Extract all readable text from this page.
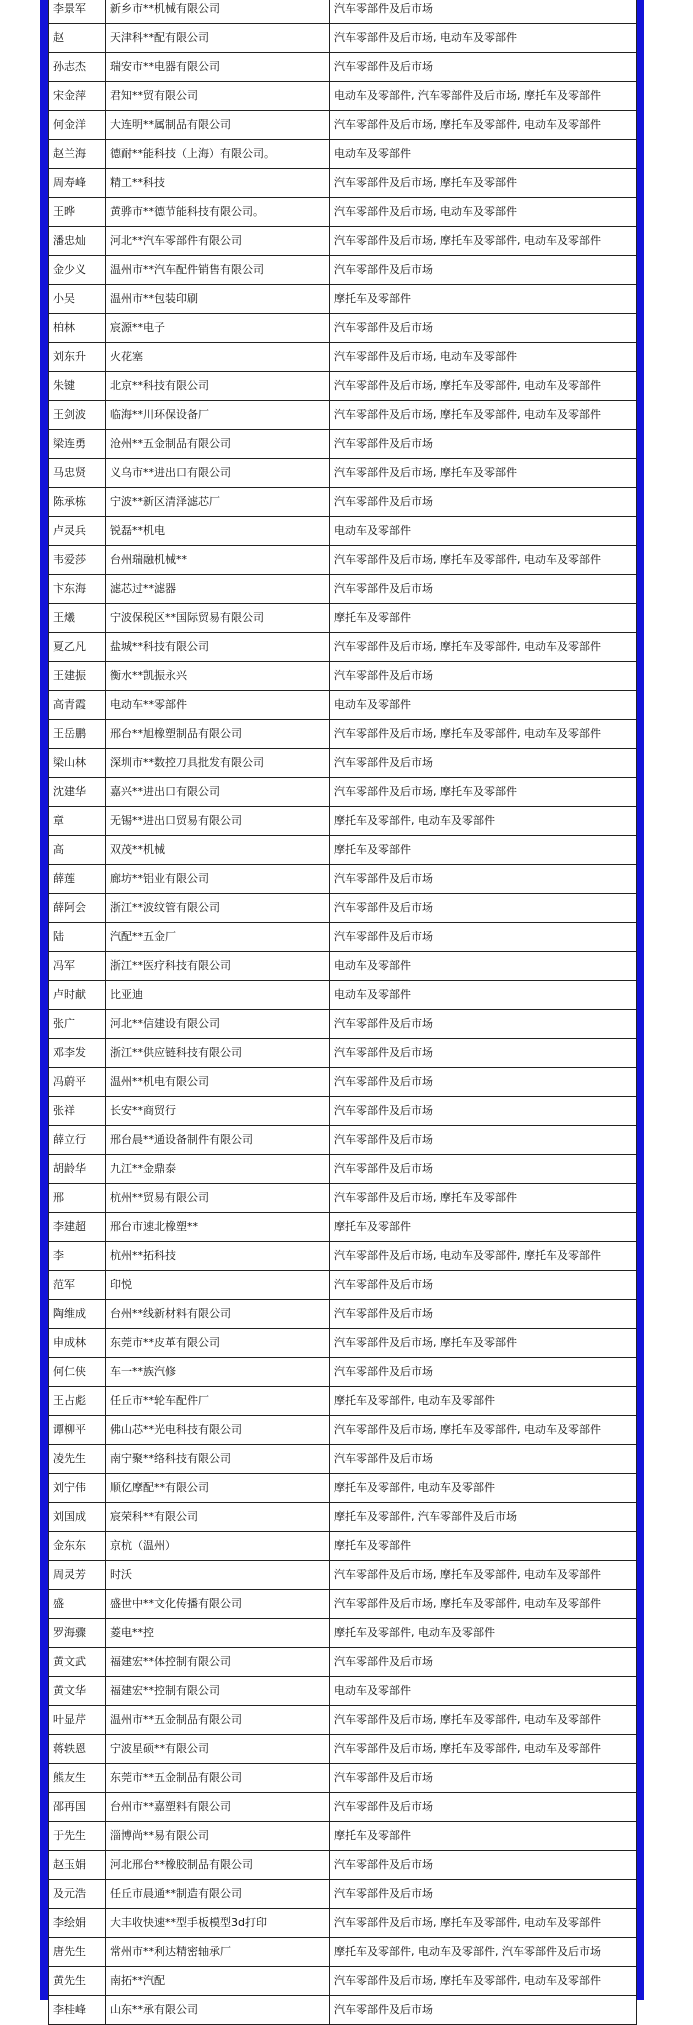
李景军	新乡市**机械有限公司	汽车零部件及后市场
赵	天津科**配有限公司	汽车零部件及后市场, 电动车及零部件
孙志杰	瑞安市**电器有限公司	汽车零部件及后市场
宋金萍	君知**贸有限公司	电动车及零部件, 汽车零部件及后市场, 摩托车及零部件
何金洋	大连明**属制品有限公司	汽车零部件及后市场, 摩托车及零部件, 电动车及零部件
赵兰海	德耐**能科技（上海）有限公司。	电动车及零部件
周寿峰	精工**科技	汽车零部件及后市场, 摩托车及零部件
王晔	黄骅市**德节能科技有限公司。	汽车零部件及后市场, 电动车及零部件
潘忠灿	河北**汽车零部件有限公司	汽车零部件及后市场, 摩托车及零部件, 电动车及零部件
金少义	温州市**汽车配件销售有限公司	汽车零部件及后市场
小吴	温州市**包装印刷	摩托车及零部件
柏林	宸源**电子	汽车零部件及后市场
刘东升	火花塞	汽车零部件及后市场, 电动车及零部件
朱键	北京**科技有限公司	汽车零部件及后市场, 摩托车及零部件, 电动车及零部件
王剑波	临海**川环保设备厂	汽车零部件及后市场, 摩托车及零部件, 电动车及零部件
梁连勇	沧州**五金制品有限公司	汽车零部件及后市场
马忠贤	义乌市**进出口有限公司	汽车零部件及后市场, 摩托车及零部件
陈承栋	宁波**新区清泽滤芯厂	汽车零部件及后市场
卢灵兵	锐磊**机电	电动车及零部件
韦爱莎	台州瑞融机械**	汽车零部件及后市场, 摩托车及零部件, 电动车及零部件
卞东海	滤芯过**滤器	汽车零部件及后市场
王爔	宁波保税区**国际贸易有限公司	摩托车及零部件
夏乙凡	盐城**科技有限公司	汽车零部件及后市场, 摩托车及零部件, 电动车及零部件
王建振	衡水**凯振永兴	汽车零部件及后市场
高青霞	电动车**零部件	电动车及零部件
王岳鹏	邢台**旭橡塑制品有限公司	汽车零部件及后市场, 摩托车及零部件, 电动车及零部件
梁山林	深圳市**数控刀具批发有限公司	汽车零部件及后市场
沈建华	嘉兴**进出口有限公司	汽车零部件及后市场, 摩托车及零部件
章	无锡**进出口贸易有限公司	摩托车及零部件, 电动车及零部件
高	双茂**机械	摩托车及零部件
薛莲	廊坊**铝业有限公司	汽车零部件及后市场
薛阿会	浙江**波纹管有限公司	汽车零部件及后市场
陆	汽配**五金厂	汽车零部件及后市场
冯军	浙江**医疗科技有限公司	电动车及零部件
卢时献	比亚迪	电动车及零部件
张广	河北**信建设有限公司	汽车零部件及后市场
邓李发	浙江**供应链科技有限公司	汽车零部件及后市场
冯蔚平	温州**机电有限公司	汽车零部件及后市场
张祥	长安**商贸行	汽车零部件及后市场
薛立行	邢台晨**通设备制件有限公司	汽车零部件及后市场
胡龄华	九江**金鼎泰	汽车零部件及后市场
邢	杭州**贸易有限公司	汽车零部件及后市场, 摩托车及零部件
李建超	邢台市速北橡塑**	摩托车及零部件
李	杭州**拓科技	汽车零部件及后市场, 电动车及零部件, 摩托车及零部件
范军	印悦	汽车零部件及后市场
陶维成	台州**线新材料有限公司	汽车零部件及后市场
申成林	东莞市**皮革有限公司	汽车零部件及后市场, 摩托车及零部件
何仁侠	车一**族汽修	汽车零部件及后市场
王占彪	任丘市**轮车配件厂	摩托车及零部件, 电动车及零部件
谭柳平	佛山芯**光电科技有限公司	汽车零部件及后市场, 摩托车及零部件, 电动车及零部件
凌先生	南宁聚**络科技有限公司	汽车零部件及后市场
刘宁伟	顺亿摩配**有限公司	摩托车及零部件, 电动车及零部件
刘国成	宸荣科**有限公司	摩托车及零部件, 汽车零部件及后市场
金东东	京杭（温州）	摩托车及零部件
周灵芳	时沃	汽车零部件及后市场, 摩托车及零部件, 电动车及零部件
盛	盛世中**文化传播有限公司	汽车零部件及后市场, 摩托车及零部件, 电动车及零部件
罗海骤	菱电**控	摩托车及零部件, 电动车及零部件
黄文武	福建宏**体控制有限公司	汽车零部件及后市场
黄文华	福建宏**控制有限公司	电动车及零部件
叶显芹	温州市**五金制品有限公司	汽车零部件及后市场, 摩托车及零部件, 电动车及零部件
蒋轶恩	宁波星硕**有限公司	汽车零部件及后市场, 摩托车及零部件, 电动车及零部件
熊友生	东莞市**五金制品有限公司	汽车零部件及后市场
邵再国	台州市**嘉塑料有限公司	汽车零部件及后市场
于先生	淄博尚**易有限公司	摩托车及零部件
赵玉娟	河北邢台**橡胶制品有限公司	汽车零部件及后市场
及元浩	任丘市晨通**制造有限公司	汽车零部件及后市场
李绘娟	大丰收快速**型手板模型3d打印	汽车零部件及后市场, 摩托车及零部件, 电动车及零部件
唐先生	常州市**利达精密轴承厂	摩托车及零部件, 电动车及零部件, 汽车零部件及后市场
黄先生	南拓**汽配	汽车零部件及后市场, 摩托车及零部件, 电动车及零部件
李桂峰	山东**承有限公司	汽车零部件及后市场
